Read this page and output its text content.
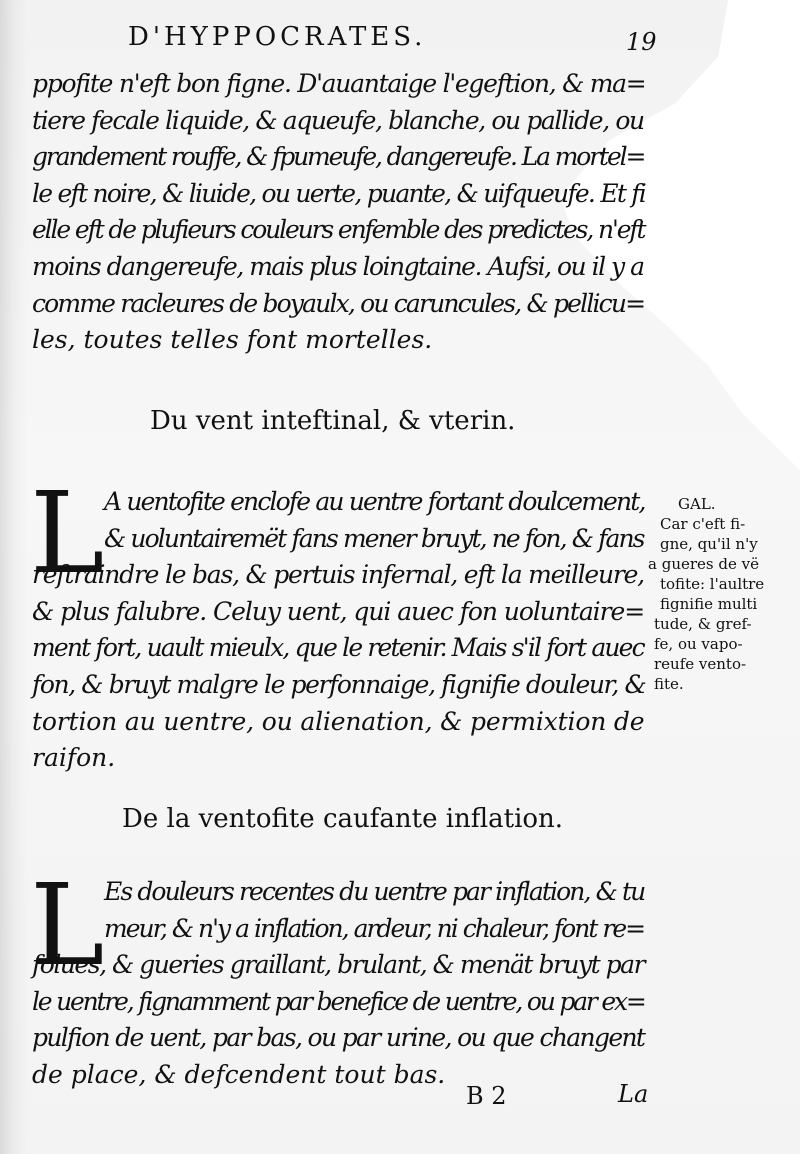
D'HYPPOCRATES.	19
ppofite n'eft bon figne. D'auantaige l'egeftion, & ma=
tiere fecale liquide, & aqueufe, blanche, ou pallide, ou
grandement rouffe, & fpumeufe, dangereufe. La mortel=
le eft noire, & liuide, ou uerte, puante, & uifqueufe. Et fi
elle eft de plufieurs couleurs enfemble des predictes, n'eft
moins dangereufe, mais plus loingtaine. Aufsi, ou il y a
comme racleures de boyaulx, ou caruncules, & pellicu=
les, toutes telles font mortelles.
Du vent inteftinal, & vterin.
L A uentofite enclofe au uentre fortant doulcement,
& uoluntairemët fans mener bruyt, ne fon, & fans
reftraindre le bas, & pertuis infernal, eft la meilleure,
& plus falubre. Celuy uent, qui auec fon uoluntaire=
ment fort, uault mieulx, que le retenir. Mais s'il fort auec
fon, & bruyt malgre le perfonnaige, fignifie douleur, &
tortion au uentre, ou alienation, & permixtion de
raifon.
GAL.
Car c'eft fi-
gne, qu'il n'y
a gueres de vë
tofite: l'aultre
fignifie multi
tude, & gref-
fe, ou vapo-
reufe vento-
fite.
De la ventofite caufante inflation.
L Es douleurs recentes du uentre par inflation, & tu
meur, & n'y a inflation, ardeur, ni chaleur, font re=
folues, & gueries graillant, brulant, & menät bruyt par
le uentre, fignamment par benefice de uentre, ou par ex=
pulfion de uent, par bas, ou par urine, ou que changent
de place, & defcendent tout bas.
B 2	La
